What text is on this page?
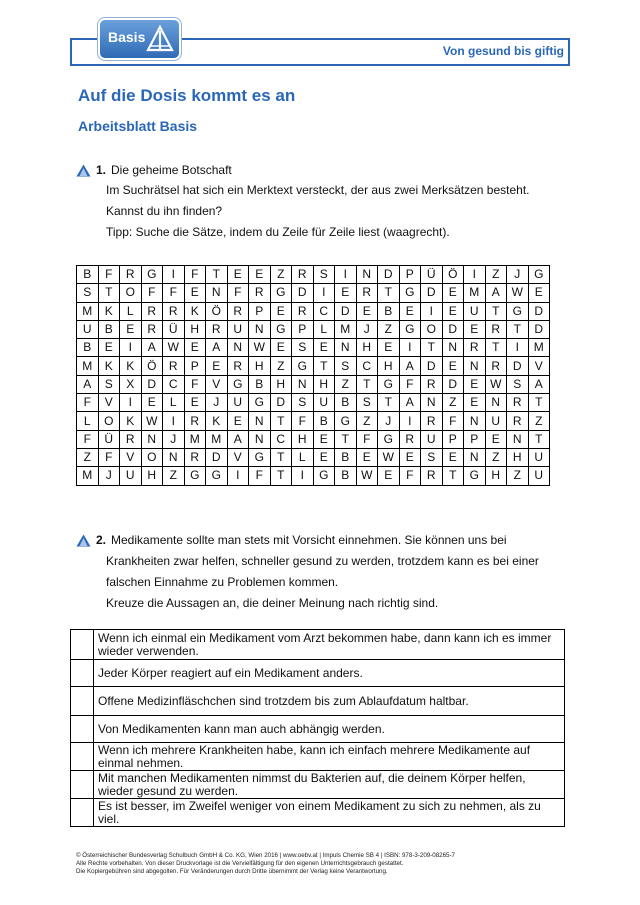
Basis
Von gesund bis giftig
Auf die Dosis kommt es an
Arbeitsblatt Basis
1. Die geheime Botschaft
Im Suchrätsel hat sich ein Merktext versteckt, der aus zwei Merksätzen besteht.
Kannst du ihn finden?
Tipp: Suche die Sätze, indem du Zeile für Zeile liest (waagrecht).
B	F	R	G	I	F	T	E	E	Z	R	S	I	N	D	P	Ü	Ö	I	Z	J	G
S	T	O	F	F	E	N	F	R	G	D	I	E	R	T	G	D	E	M	A	W	E
M	K	L	R	R	K	Ö	R	P	E	R	C	D	E	B	E	I	E	U	T	G	D
U	B	E	R	Ü	H	R	U	N	G	P	L	M	J	Z	G	O	D	E	R	T	D
B	E	I	A	W	E	A	N	W	E	S	E	N	H	E	I	T	N	R	T	I	M
M	K	K	Ö	R	P	E	R	H	Z	G	T	S	C	H	A	D	E	N	R	D	V
A	S	X	D	C	F	V	G	B	H	N	H	Z	T	G	F	R	D	E	W	S	A
F	V	I	E	L	E	J	U	G	D	S	U	B	S	T	A	N	Z	E	N	R	T
L	O	K	W	I	R	K	E	N	T	F	B	G	Z	J	I	R	F	N	U	R	Z
F	Ü	R	N	J	M	M	A	N	C	H	E	T	F	G	R	U	P	P	E	N	T
Z	F	V	O	N	R	D	V	G	T	L	E	B	E	W	E	S	E	N	Z	H	U
M	J	U	H	Z	G	G	I	F	T	I	G	B	W	E	F	R	T	G	H	Z	U
2. Medikamente sollte man stets mit Vorsicht einnehmen. Sie können uns bei
Krankheiten zwar helfen, schneller gesund zu werden, trotzdem kann es bei einer
falschen Einnahme zu Problemen kommen.
Kreuze die Aussagen an, die deiner Meinung nach richtig sind.
	Wenn ich einmal ein Medikament vom Arzt bekommen habe, dann kann ich es immer wieder verwenden.
	Jeder Körper reagiert auf ein Medikament anders.
	Offene Medizinfläschchen sind trotzdem bis zum Ablaufdatum haltbar.
	Von Medikamenten kann man auch abhängig werden.
	Wenn ich mehrere Krankheiten habe, kann ich einfach mehrere Medikamente auf einmal nehmen.
	Mit manchen Medikamenten nimmst du Bakterien auf, die deinem Körper helfen, wieder gesund zu werden.
	Es ist besser, im Zweifel weniger von einem Medikament zu sich zu nehmen, als zu viel.
© Österreichischer Bundesverlag Schulbuch GmbH & Co. KG, Wien 2016 | www.oebv.at | Impuls Chemie SB 4 | ISBN: 978-3-209-08265-7
Alle Rechte vorbehalten. Von dieser Druckvorlage ist die Vervielfältigung für den eigenen Unterrichtsgebrauch gestattet.
Die Kopiergebühren sind abgegolten. Für Veränderungen durch Dritte übernimmt der Verlag keine Verantwortung.
